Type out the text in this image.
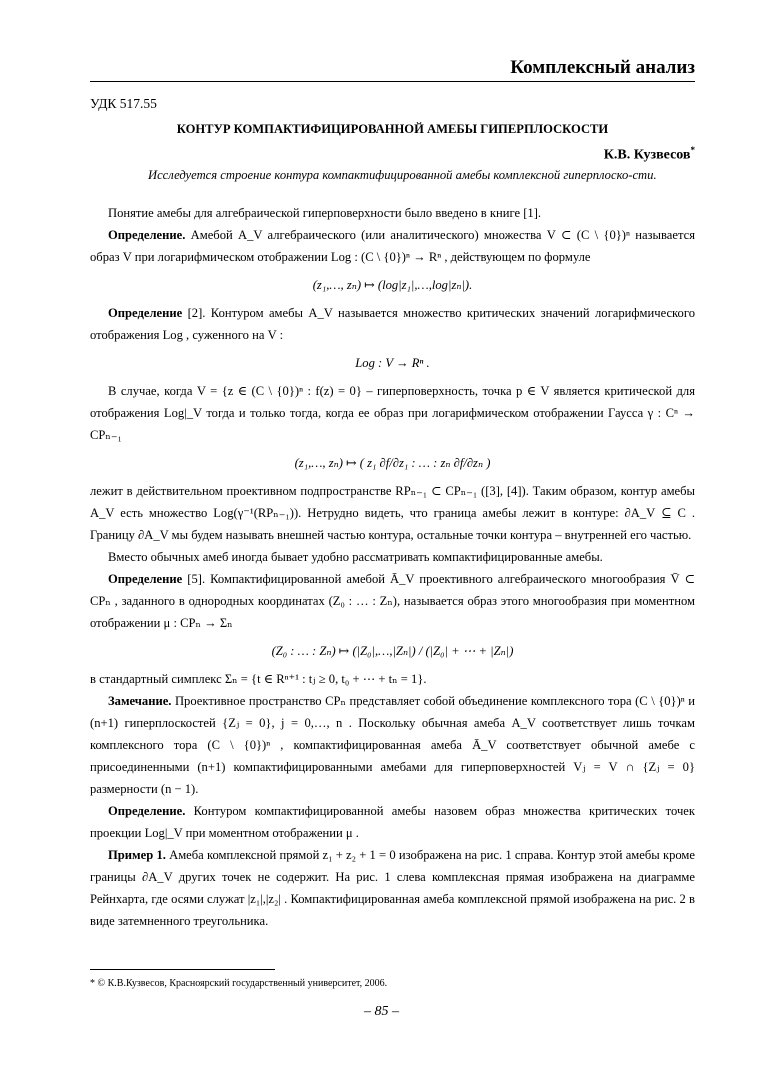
Комплексный анализ
УДК 517.55
КОНТУР КОМПАКТИФИЦИРОВАННОЙ АМЕБЫ ГИПЕРПЛОСКОСТИ
К.В. Кузвесов*
Исследуется строение контура компактифицированной амебы комплексной гиперплоско-сти.

Понятие амебы для алгебраической гиперповерхности было введено в книге [1].

Определение. Амебой A_V алгебраического (или аналитического) множества V ⊂ (C \ {0})ⁿ называется образ V при логарифмическом отображении Log : (C \ {0})ⁿ → Rⁿ , действующем по формуле

(z₁,…, zₙ) ↦ (log|z₁|,…,log|zₙ|).

Определение [2]. Контуром амебы A_V называется множество критических значений логарифмического отображения Log , суженного на V :

Log : V → Rⁿ .

В случае, когда V = {z ∈ (C \ {0})ⁿ : f(z) = 0} – гиперповерхность, точка p ∈ V является критической для отображения Log|_V тогда и только тогда, когда ее образ при логарифмическом отображении Гаусса γ : Cⁿ → CPₙ₋₁

(z₁,…, zₙ) ↦ ( z₁ ∂f/∂z₁ : … : zₙ ∂f/∂zₙ )

лежит в действительном проективном подпространстве RPₙ₋₁ ⊂ CPₙ₋₁ ([3], [4]). Таким образом, контур амебы A_V есть множество Log(γ⁻¹(RPₙ₋₁)). Нетрудно видеть, что граница амебы лежит в контуре: ∂A_V ⊆ C . Границу ∂A_V мы будем называть внешней частью контура, остальные точки контура – внутренней его частью.

Вместо обычных амеб иногда бывает удобно рассматривать компактифицированные амебы.

Определение [5]. Компактифицированной амебой Ā_V проективного алгебраического многообразия V̄ ⊂ CPₙ , заданного в однородных координатах (Z₀ : … : Zₙ), называется образ этого многообразия при моментном отображении μ : CPₙ → Σₙ

(Z₀ : … : Zₙ) ↦ (|Z₀|,…,|Zₙ|) / (|Z₀| + ⋯ + |Zₙ|)

в стандартный симплекс Σₙ = {t ∈ Rⁿ⁺¹ : tⱼ ≥ 0, t₀ + ⋯ + tₙ = 1}.

Замечание. Проективное пространство CPₙ представляет собой объединение комплексного тора (C \ {0})ⁿ и (n+1) гиперплоскостей {Zⱼ = 0}, j = 0,…, n . Поскольку обычная амеба A_V соответствует лишь точкам комплексного тора (C \ {0})ⁿ , компактифицированная амеба Ā_V соответствует обычной амебе с присоединенными (n+1) компактифицированными амебами для гиперповерхностей Vⱼ = V ∩ {Zⱼ = 0} размерности (n − 1).

Определение. Контуром компактифицированной амебы назовем образ множества критических точек проекции Log|_V при моментном отображении μ .

Пример 1. Амеба комплексной прямой z₁ + z₂ + 1 = 0 изображена на рис. 1 справа. Контур этой амебы кроме границы ∂A_V других точек не содержит. На рис. 1 слева комплексная прямая изображена на диаграмме Рейнхарта, где осями служат |z₁|,|z₂| . Компактифицированная амеба комплексной прямой изображена на рис. 2 в виде затемненного треугольника.

* © К.В.Кузвесов, Красноярский государственный университет, 2006.
– 85 –
